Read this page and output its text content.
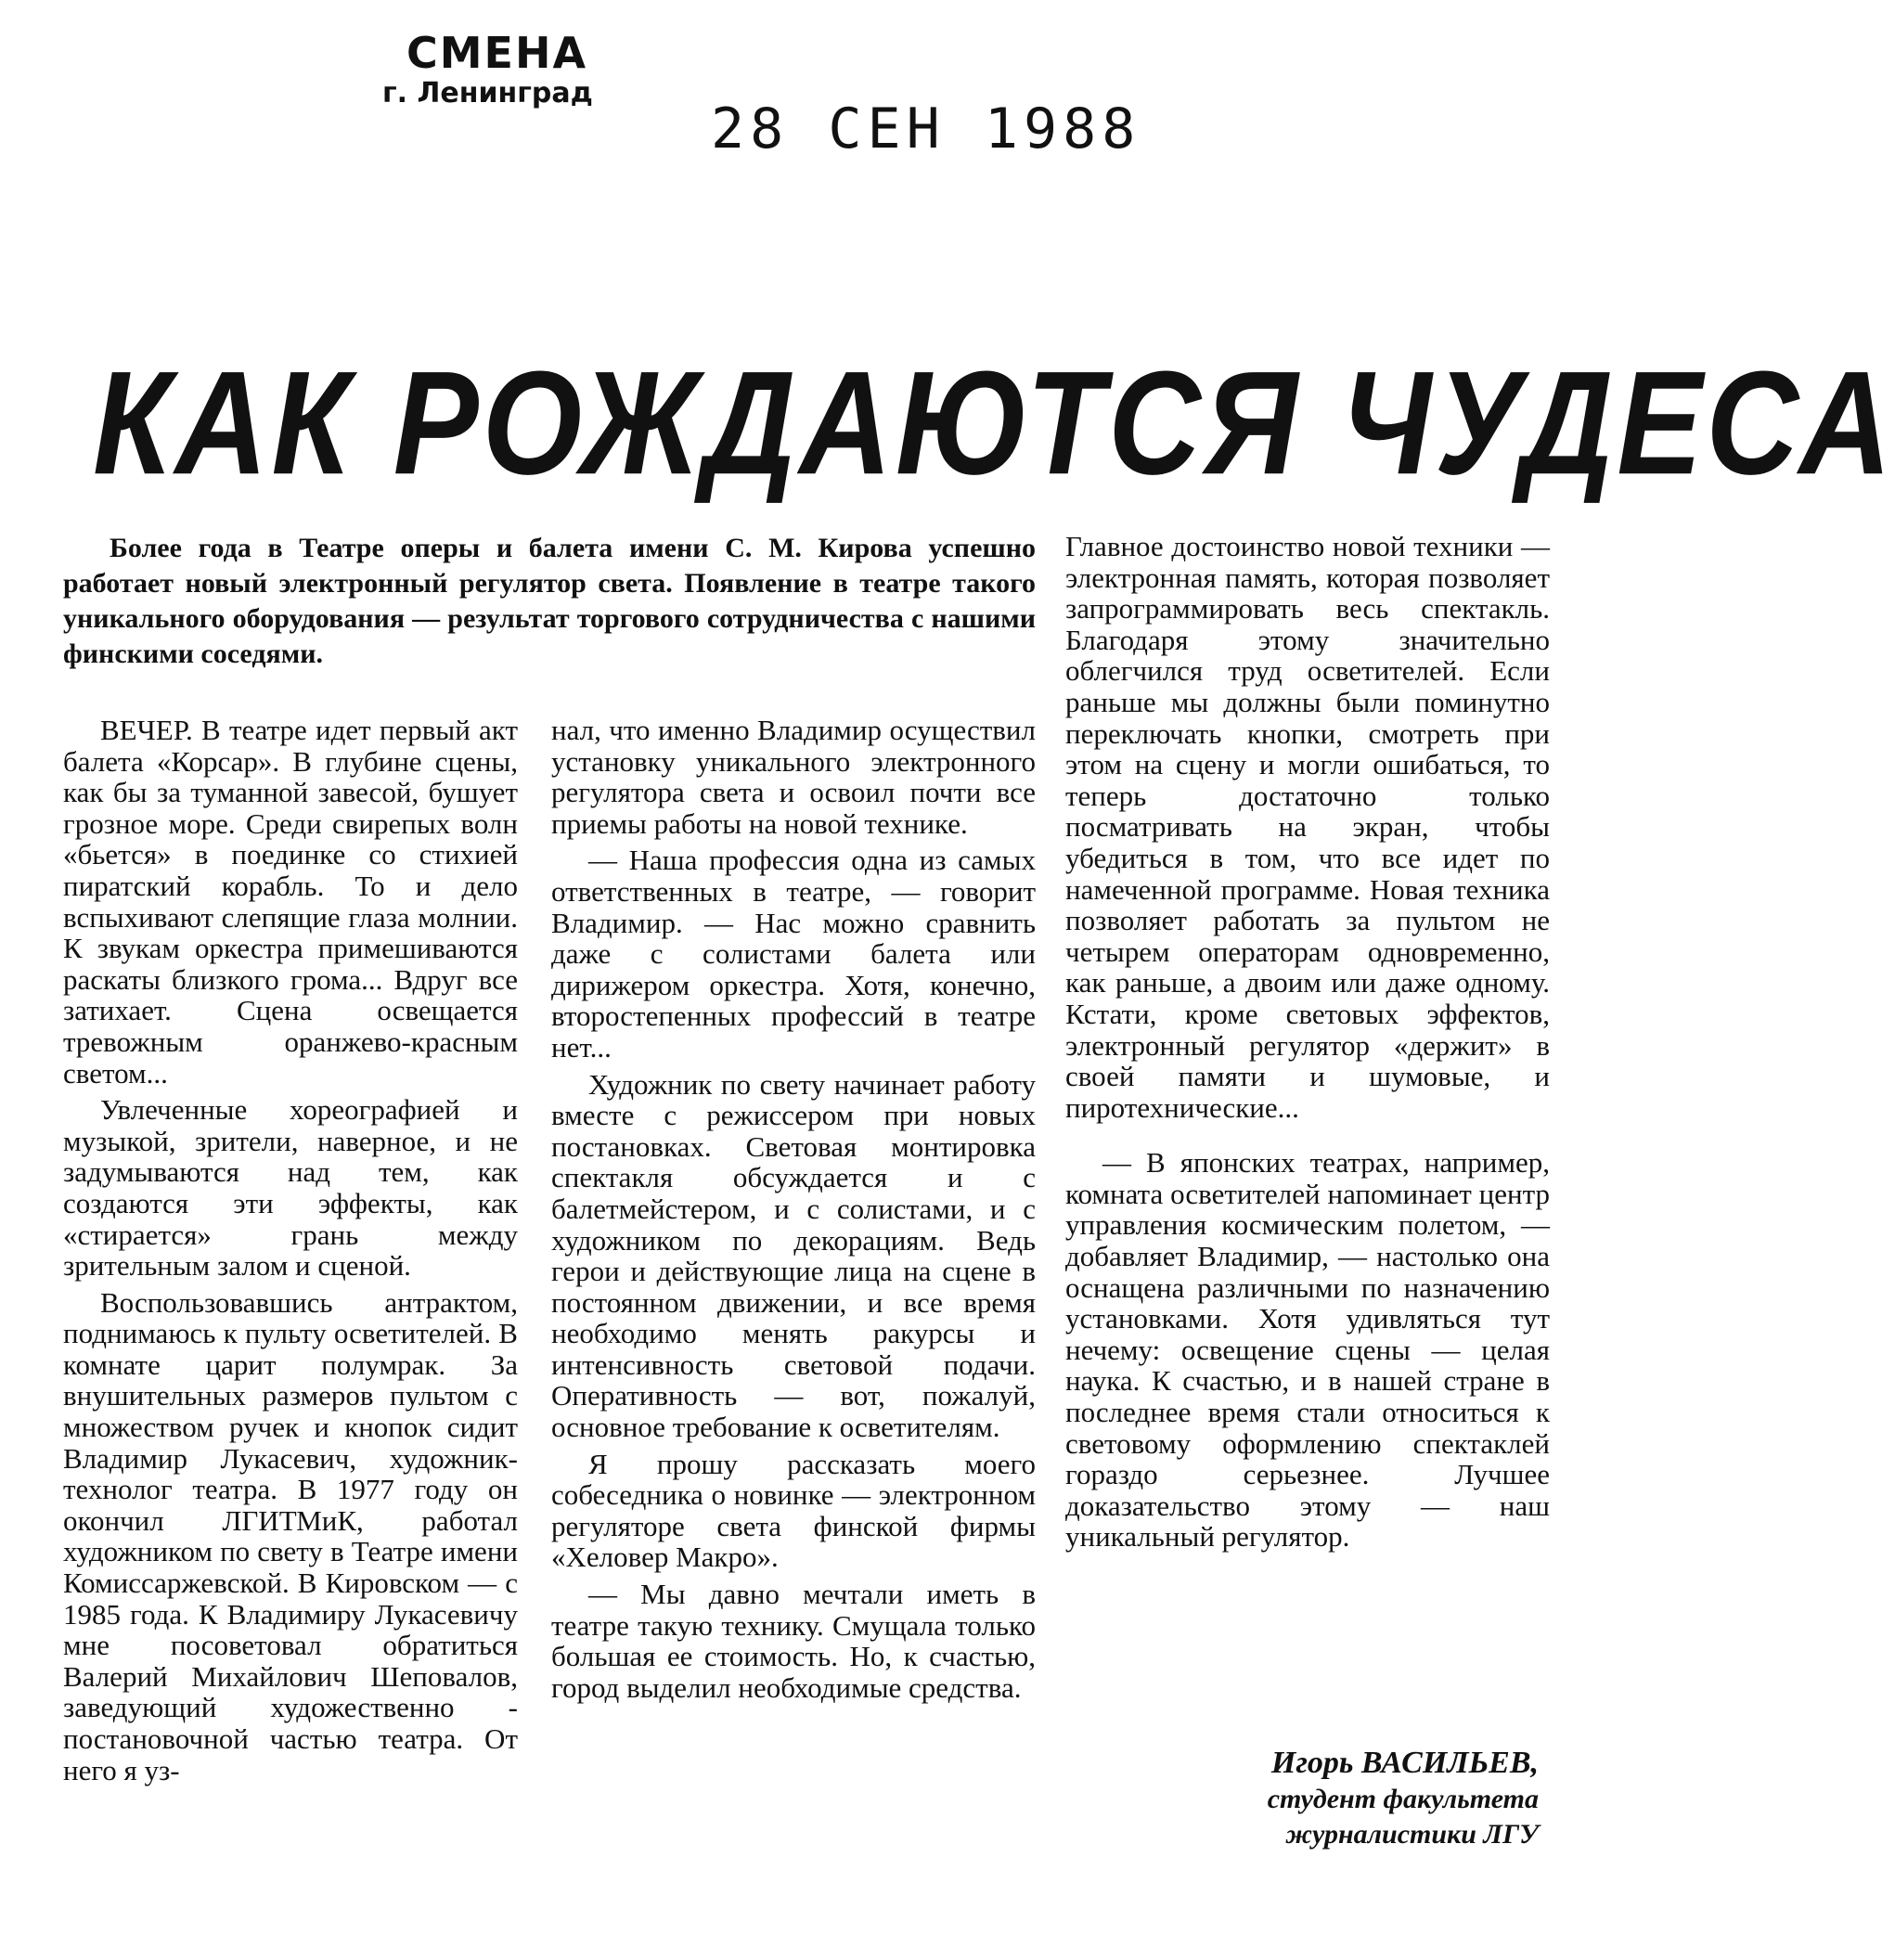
СМЕНА
г. Ленинград
28 СЕН 1988
КАК РОЖДАЮТСЯ ЧУДЕСА

Более года в Театре оперы и балета имени С. М. Кирова успешно работает новый электронный регулятор света. Появление в театре такого уникального оборудования — результат торгового сотрудничества с нашими финскими соседями.

ВЕЧЕР. В театре идет первый акт балета «Корсар». В глубине сцены, как бы за туманной завесой, бушует грозное море. Среди свирепых волн «бьется» в поединке со стихией пиратский корабль. То и дело вспыхивают слепящие глаза молнии. К звукам оркестра примешиваются раскаты близкого грома... Вдруг все затихает. Сцена освещается тревожным оранжево-красным светом...

Увлеченные хореографией и музыкой, зрители, наверное, и не задумываются над тем, как создаются эти эффекты, как «стирается» грань между зрительным залом и сценой.

Воспользовавшись антрактом, поднимаюсь к пульту осветителей. В комнате царит полумрак. За внушительных размеров пультом с множеством ручек и кнопок сидит Владимир Лукасевич, художник-технолог театра. В 1977 году он окончил ЛГИТМиК, работал художником по свету в Театре имени Комиссаржевской. В Кировском — с 1985 года. К Владимиру Лукасевичу мне посоветовал обратиться Валерий Михайлович Шеповалов, заведующий художественно - постановочной частью театра. От него я уз-

нал, что именно Владимир осуществил установку уникального электронного регулятора света и освоил почти все приемы работы на новой технике.

— Наша профессия одна из самых ответственных в театре, — говорит Владимир. — Нас можно сравнить даже с солистами балета или дирижером оркестра. Хотя, конечно, второстепенных профессий в театре нет...

Художник по свету начинает работу вместе с режиссером при новых постановках. Световая монтировка спектакля обсуждается и с балетмейстером, и с солистами, и с художником по декорациям. Ведь герои и действующие лица на сцене в постоянном движении, и все время необходимо менять ракурсы и интенсивность световой подачи. Оперативность — вот, пожалуй, основное требование к осветителям.

Я прошу рассказать моего собеседника о новинке — электронном регуляторе света финской фирмы «Хеловер Макро».

— Мы давно мечтали иметь в театре такую технику. Смущала только большая ее стоимость. Но, к счастью, город выделил необходимые средства.

Главное достоинство новой техники — электронная память, которая позволяет запрограммировать весь спектакль. Благодаря этому значительно облегчился труд осветителей. Если раньше мы должны были поминутно переключать кнопки, смотреть при этом на сцену и могли ошибаться, то теперь достаточно только посматривать на экран, чтобы убедиться в том, что все идет по намеченной программе. Новая техника позволяет работать за пультом не четырем операторам одновременно, как раньше, а двоим или даже одному. Кстати, кроме световых эффектов, электронный регулятор «держит» в своей памяти и шумовые, и пиротехнические...

— В японских театрах, например, комната осветителей напоминает центр управления космическим полетом, — добавляет Владимир, — настолько она оснащена различными по назначению установками. Хотя удивляться тут нечему: освещение сцены — целая наука. К счастью, и в нашей стране в последнее время стали относиться к световому оформлению спектаклей гораздо серьезнее. Лучшее доказательство этому — наш уникальный регулятор.

Игорь ВАСИЛЬЕВ,
студент факультета
журналистики ЛГУ
